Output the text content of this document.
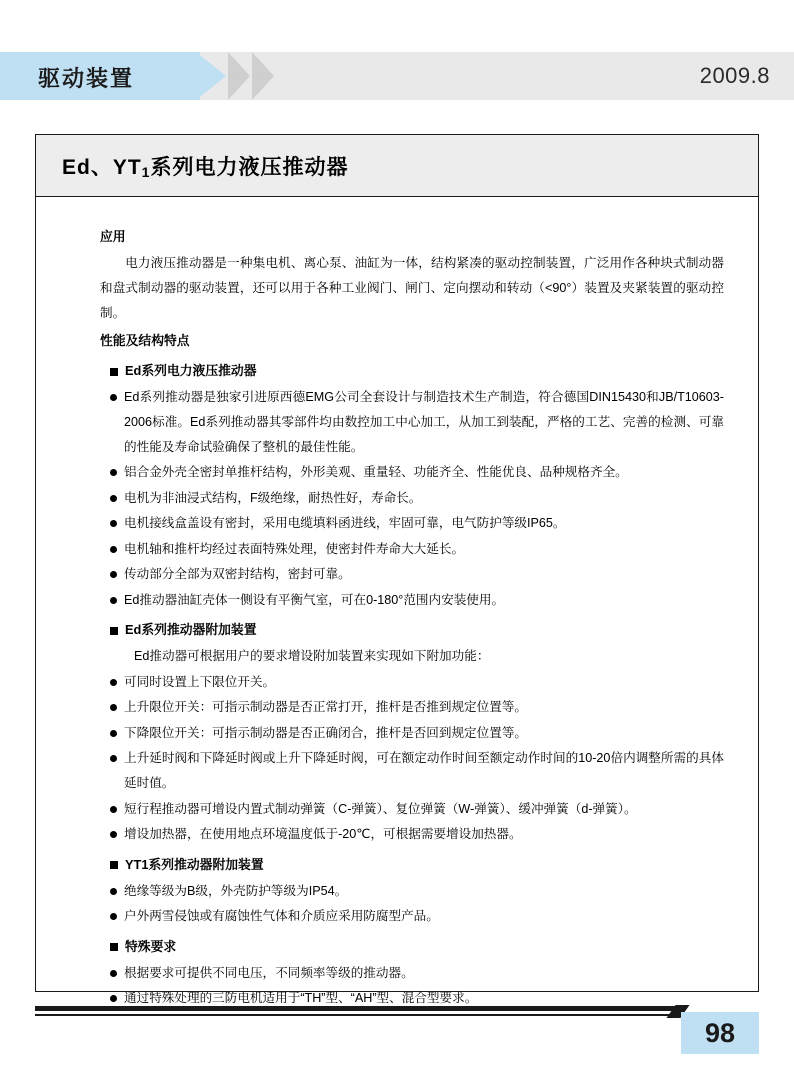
驱动装置	2009.8
Ed、$YT_1$系列电力液压推动器
应用
电力液压推动器是一种集电机、离心泵、油缸为一体，结构紧凑的驱动控制装置，广泛用作各种块式制动器和盘式制动器的驱动装置，还可以用于各种工业阀门、闸门、定向摆动和转动（<90°）装置及夹紧装置的驱动控制。
性能及结构特点
Ed系列电力液压推动器
Ed系列推动器是独家引进原西德EMG公司全套设计与制造技术生产制造，符合德国DIN15430和JB/T10603-2006标准。Ed系列推动器其零部件均由数控加工中心加工，从加工到装配，严格的工艺、完善的检测、可靠的性能及寿命试验确保了整机的最佳性能。
铝合金外壳全密封单推杆结构，外形美观、重量轻、功能齐全、性能优良、品种规格齐全。
电机为非油浸式结构，F级绝缘，耐热性好，寿命长。
电机接线盒盖设有密封，采用电缆填料函进线，牢固可靠，电气防护等级IP65。
电机轴和推杆均经过表面特殊处理，使密封件寿命大大延长。
传动部分全部为双密封结构，密封可靠。
Ed推动器油缸壳体一侧设有平衡气室，可在0-180°范围内安装使用。
Ed系列推动器附加装置
Ed推动器可根据用户的要求增设附加装置来实现如下附加功能：
可同时设置上下限位开关。
上升限位开关：可指示制动器是否正常打开，推杆是否推到规定位置等。
下降限位开关：可指示制动器是否正确闭合，推杆是否回到规定位置等。
上升延时阀和下降延时阀或上升下降延时阀，可在额定动作时间至额定动作时间的10-20倍内调整所需的具体延时值。
短行程推动器可增设内置式制动弹簧（C-弹簧）、复位弹簧（W-弹簧）、缓冲弹簧（d-弹簧）。
增设加热器，在使用地点环境温度低于-20℃，可根据需要增设加热器。
YT1系列推动器附加装置
绝缘等级为B级，外壳防护等级为IP54。
户外两雪侵蚀或有腐蚀性气体和介质应采用防腐型产品。
特殊要求
根据要求可提供不同电压，不同频率等级的推动器。
通过特殊处理的三防电机适用于“TH”型、“AH”型、混合型要求。
98
